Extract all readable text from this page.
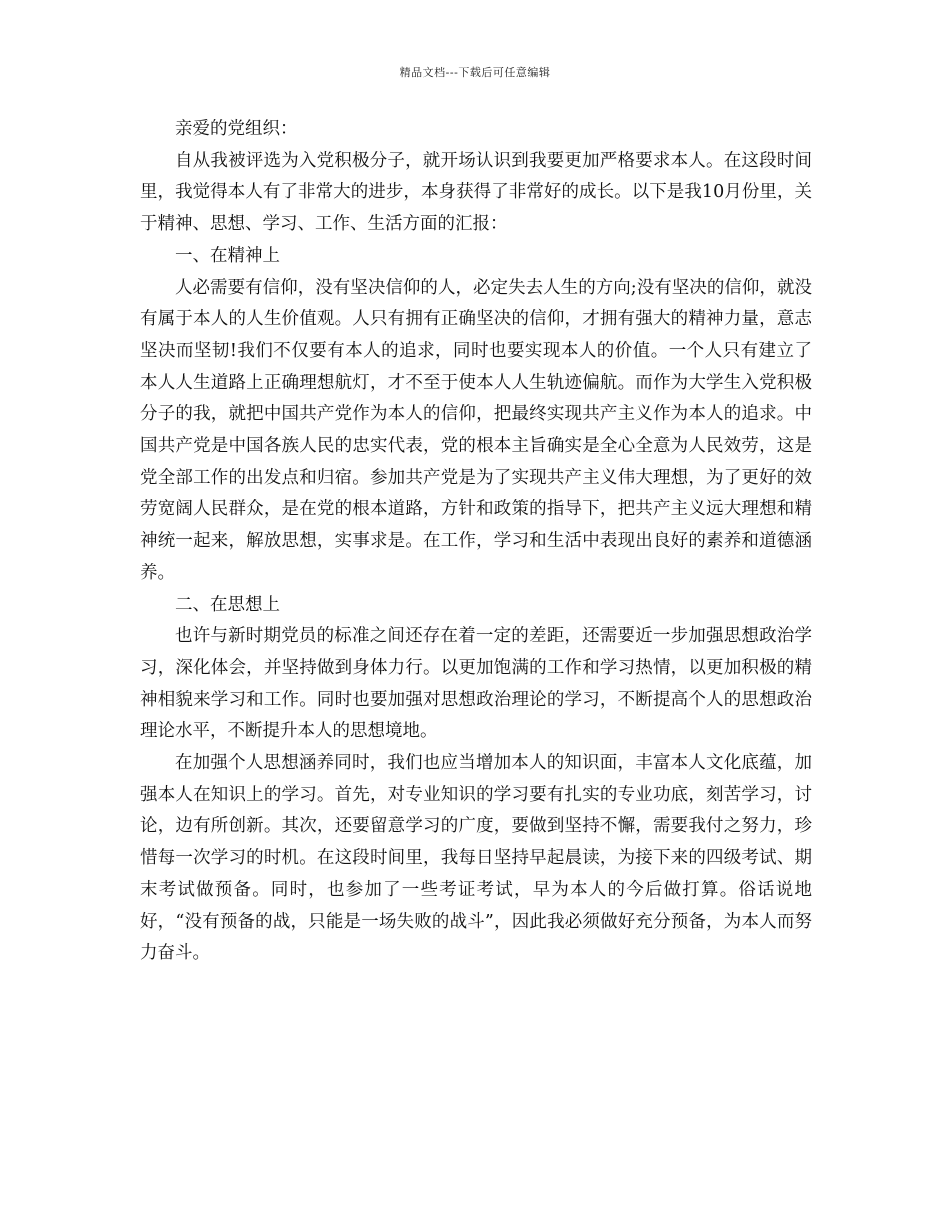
精品文档---下载后可任意编辑

亲爱的党组织：

自从我被评选为入党积极分子，就开场认识到我要更加严格要求本人。在这段时间里，我觉得本人有了非常大的进步，本身获得了非常好的成长。以下是我10月份里，关于精神、思想、学习、工作、生活方面的汇报：

一、在精神上

人必需要有信仰，没有坚决信仰的人，必定失去人生的方向;没有坚决的信仰，就没有属于本人的人生价值观。人只有拥有正确坚决的信仰，才拥有强大的精神力量，意志坚决而坚韧!我们不仅要有本人的追求，同时也要实现本人的价值。一个人只有建立了本人人生道路上正确理想航灯，才不至于使本人人生轨迹偏航。而作为大学生入党积极分子的我，就把中国共产党作为本人的信仰，把最终实现共产主义作为本人的追求。中国共产党是中国各族人民的忠实代表，党的根本主旨确实是全心全意为人民效劳，这是党全部工作的出发点和归宿。参加共产党是为了实现共产主义伟大理想，为了更好的效劳宽阔人民群众，是在党的根本道路，方针和政策的指导下，把共产主义远大理想和精神统一起来，解放思想，实事求是。在工作，学习和生活中表现出良好的素养和道德涵养。

二、在思想上

也许与新时期党员的标准之间还存在着一定的差距，还需要近一步加强思想政治学习，深化体会，并坚持做到身体力行。以更加饱满的工作和学习热情，以更加积极的精神相貌来学习和工作。同时也要加强对思想政治理论的学习，不断提高个人的思想政治理论水平，不断提升本人的思想境地。

在加强个人思想涵养同时，我们也应当增加本人的知识面，丰富本人文化底蕴，加强本人在知识上的学习。首先，对专业知识的学习要有扎实的专业功底，刻苦学习，讨论，边有所创新。其次，还要留意学习的广度，要做到坚持不懈，需要我付之努力，珍惜每一次学习的时机。在这段时间里，我每日坚持早起晨读，为接下来的四级考试、期末考试做预备。同时，也参加了一些考证考试，早为本人的今后做打算。俗话说地好，“没有预备的战，只能是一场失败的战斗”，因此我必须做好充分预备，为本人而努力奋斗。
